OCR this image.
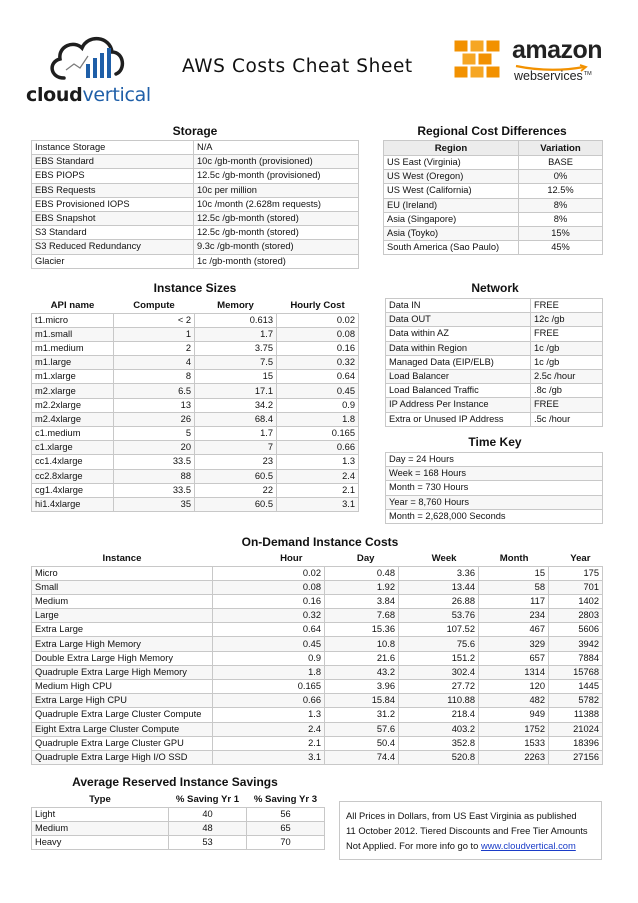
cloudvertical
AWS Costs Cheat Sheet
amazon
webservices™
Storage
Instance Storage	N/A
EBS Standard	10c /gb-month (provisioned)
EBS PIOPS	12.5c /gb-month (provisioned)
EBS Requests	10c per million
EBS Provisioned IOPS	10c /month (2.628m requests)
EBS Snapshot	12.5c /gb-month (stored)
S3 Standard	12.5c /gb-month (stored)
S3 Reduced Redundancy	9.3c /gb-month (stored)
Glacier	1c /gb-month (stored)
Regional Cost Differences
Region	Variation
US East (Virginia)	BASE
US West (Oregon)	0%
US West (California)	12.5%
EU (Ireland)	8%
Asia (Singapore)	8%
Asia (Toyko)	15%
South America (Sao Paulo)	45%
Instance Sizes
API name	Compute	Memory	Hourly Cost
t1.micro	< 2	0.613	0.02
m1.small	1	1.7	0.08
m1.medium	2	3.75	0.16
m1.large	4	7.5	0.32
m1.xlarge	8	15	0.64
m2.xlarge	6.5	17.1	0.45
m2.2xlarge	13	34.2	0.9
m2.4xlarge	26	68.4	1.8
c1.medium	5	1.7	0.165
c1.xlarge	20	7	0.66
cc1.4xlarge	33.5	23	1.3
cc2.8xlarge	88	60.5	2.4
cg1.4xlarge	33.5	22	2.1
hi1.4xlarge	35	60.5	3.1
Network
Data IN	FREE
Data OUT	12c /gb
Data within AZ	FREE
Data within Region	1c /gb
Managed Data (EIP/ELB)	1c /gb
Load Balancer	2.5c /hour
Load Balanced Traffic	.8c /gb
IP Address Per Instance	FREE
Extra or Unused IP Address	.5c /hour
Time Key
Day = 24 Hours
Week = 168 Hours
Month = 730 Hours
Year = 8,760 Hours
Month = 2,628,000 Seconds
On-Demand Instance Costs
Instance	Hour	Day	Week	Month	Year
Micro	0.02	0.48	3.36	15	175
Small	0.08	1.92	13.44	58	701
Medium	0.16	3.84	26.88	117	1402
Large	0.32	7.68	53.76	234	2803
Extra Large	0.64	15.36	107.52	467	5606
Extra Large High Memory	0.45	10.8	75.6	329	3942
Double Extra Large High Memory	0.9	21.6	151.2	657	7884
Quadruple Extra Large High Memory	1.8	43.2	302.4	1314	15768
Medium High CPU	0.165	3.96	27.72	120	1445
Extra Large High CPU	0.66	15.84	110.88	482	5782
Quadruple Extra Large Cluster Compute	1.3	31.2	218.4	949	11388
Eight Extra Large Cluster Compute	2.4	57.6	403.2	1752	21024
Quadruple Extra Large Cluster GPU	2.1	50.4	352.8	1533	18396
Quadruple Extra Large High I/O SSD	3.1	74.4	520.8	2263	27156
Average Reserved Instance Savings
Type	% Saving Yr 1	% Saving Yr 3
Light	40	56
Medium	48	65
Heavy	53	70
All Prices in Dollars, from US East Virginia as published
11 October 2012. Tiered Discounts and Free Tier Amounts
Not Applied. For more info go to www.cloudvertical.com
